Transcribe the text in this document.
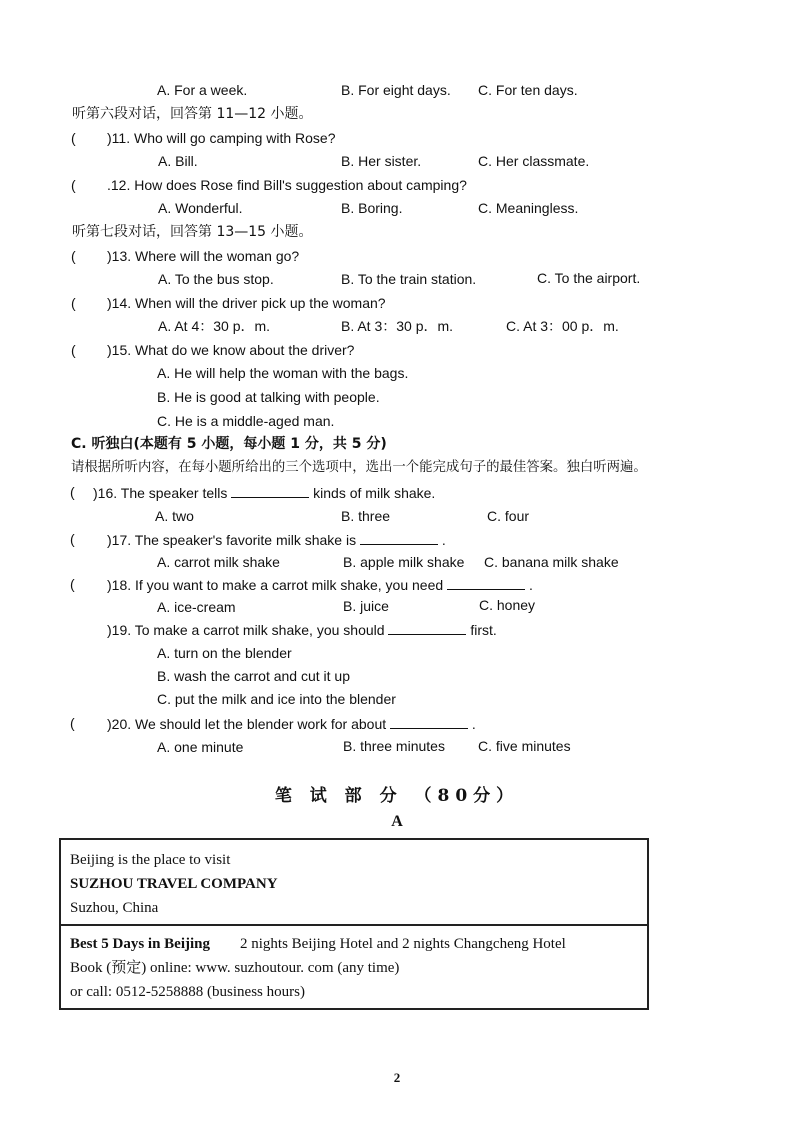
A. For a week.	B. For eight days. C. For ten days.
听第六段对话，回答第 11—12 小题。
( )11. Who will go camping with Rose?
A. Bill.	B. Her sister.	C. Her classmate.
( .12. How does Rose find Bill's suggestion about camping?
A. Wonderful.	B. Boring.	C. Meaningless.
听第七段对话，回答第 13—15 小题。
( )13. Where will the woman go?
A. To the bus stop.	B. To the train station.	C. To the airport.
( )14. When will the driver pick up the woman?
A. At 4：30 p．m.	B. At 3：30 p．m.	C. At 3：00 p．m.
( )15. What do we know about the driver?
A. He will help the woman with the bags.
B. He is good at talking with people.
C. He is a middle-aged man.
C. 听独白(本题有 5 小题，每小题 1 分，共 5 分)
请根据所听内容，在每小题所给出的三个选项中，选出一个能完成句子的最佳答案。独白听两遍。
( )16. The speaker tells	kinds of milk shake.
A. two	B. three	C. four
( )17. The speaker's favorite milk shake is	.
A. carrot milk shake	B. apple milk shake C. banana milk shake
( )18. If you want to make a carrot milk shake, you need	.
A. ice-cream	B. juice	C. honey
)19. To make a carrot milk shake, you should	first.
A. turn on the blender
B. wash the carrot and cut it up
C. put the milk and ice into the blender
( )20. We should let the blender work for about	.
A. one minute	B. three minutes C. five minutes
笔 试 部 分 （80分）
A
Beijing is the place to visit
SUZHOU TRAVEL COMPANY
Suzhou, China
Best 5 Days in Beijing 2 nights Beijing Hotel and 2 nights Changcheng Hotel
Book (预定) online: www. suzhoutour. com (any time)
or call: 0512-5258888 (business hours)
2
